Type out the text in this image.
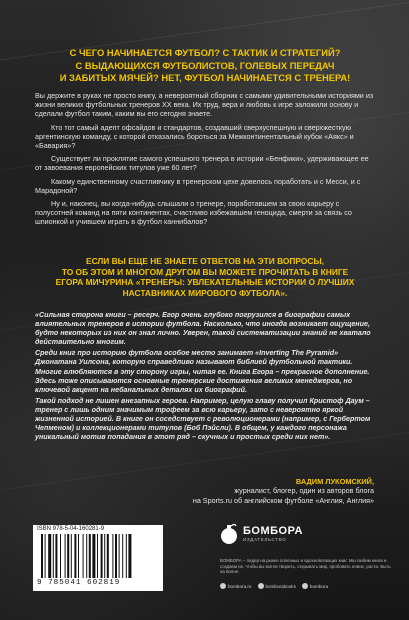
С ЧЕГО НАЧИНАЕТСЯ ФУТБОЛ? С ТАКТИК И СТРАТЕГИЙ?
С ВЫДАЮЩИХСЯ ФУТБОЛИСТОВ, ГОЛЕВЫХ ПЕРЕДАЧ
И ЗАБИТЫХ МЯЧЕЙ? НЕТ, ФУТБОЛ НАЧИНАЕТСЯ С ТРЕНЕРА!

Вы держите в руках не просто книгу, а невероятный сборник с самыми удивительными историями из жизни великих футбольных тренеров XX века. Их труд, вера и любовь к игре заложили основу и сделали футбол таким, каким вы его сегодня знаете.

Кто тот самый адепт офсайдов и стандартов, создавший сверхуспешную и сверхжесткую аргентинскую команду, с которой отказались бороться за Межконтинентальный кубок «Аякс» и «Бавария»?

Существует ли проклятие самого успешного тренера в истории «Бенфики», удерживающее ее от завоевания европейских титулов уже 60 лет?

Какому единственному счастливчику в тренерском цехе довелось поработать и с Месси, и с Марадоной?

Ну и, наконец, вы когда-нибудь слышали о тренере, поработавшем за свою карьеру с полусотней команд на пяти континентах, счастливо избежавшем геноцида, смерти за связь со шпионкой и учившем играть в футбол каннибалов?

ЕСЛИ ВЫ ЕЩЕ НЕ ЗНАЕТЕ ОТВЕТОВ НА ЭТИ ВОПРОСЫ,
ТО ОБ ЭТОМ И МНОГОМ ДРУГОМ ВЫ МОЖЕТЕ ПРОЧИТАТЬ В КНИГЕ
ЕГОРА МИЧУРИНА «ТРЕНЕРЫ: УВЛЕКАТЕЛЬНЫЕ ИСТОРИИ О ЛУЧШИХ
НАСТАВНИКАХ МИРОВОГО ФУТБОЛА».

«Сильная сторона книги – ресерч. Егор очень глубоко погрузился в биографии самых влиятельных тренеров в истории футбола. Насколько, что иногда возникает ощущение, будто некоторых из них он знал лично. Уверен, такой систематизации знаний не хватало действительно многим.

Среди книг про историю футбола особое место занимает «Inverting The Pyramid» Джонатана Уилсона, которую справедливо называют библией футбольной тактики. Многие влюбляются в эту сторону игры, читая ее. Книга Егора – прекрасное дополнение. Здесь тоже описываются основные тренерские достижения великих менеджеров, но ключевой акцент на небанальных деталях их биографий.

Такой подход не лишен внезапных героев. Например, целую главу получил Кристоф Даум – тренер с лишь одним значимым трофеем за всю карьеру, зато с невероятно яркой жизненной историей. В книге он соседствует с революционерами (например, с Гербертом Чепменом) и коллекционерами титулов (Боб Пэйсли). В общем, у каждого персонажа уникальный мотив попадания в этот ряд – скучных и простых среди них нет».

ВАДИМ ЛУКОМСКИЙ,
журналист, блогер, один из авторов блога
на Sports.ru об английском футболе «Англия, Англия»
ISBN 978-5-04-160281-9
9 785041 602819
БОМБОРА
ИЗДАТЕЛЬСТВО
БОМБОРА – лидер на рынке полезных и вдохновляющих книг. Мы любим книги и создаем их, чтобы вы могли творить, открывать мир, пробовать новое, расти. Быть на волне.
bombora.ru	bomborabooks	bombora
